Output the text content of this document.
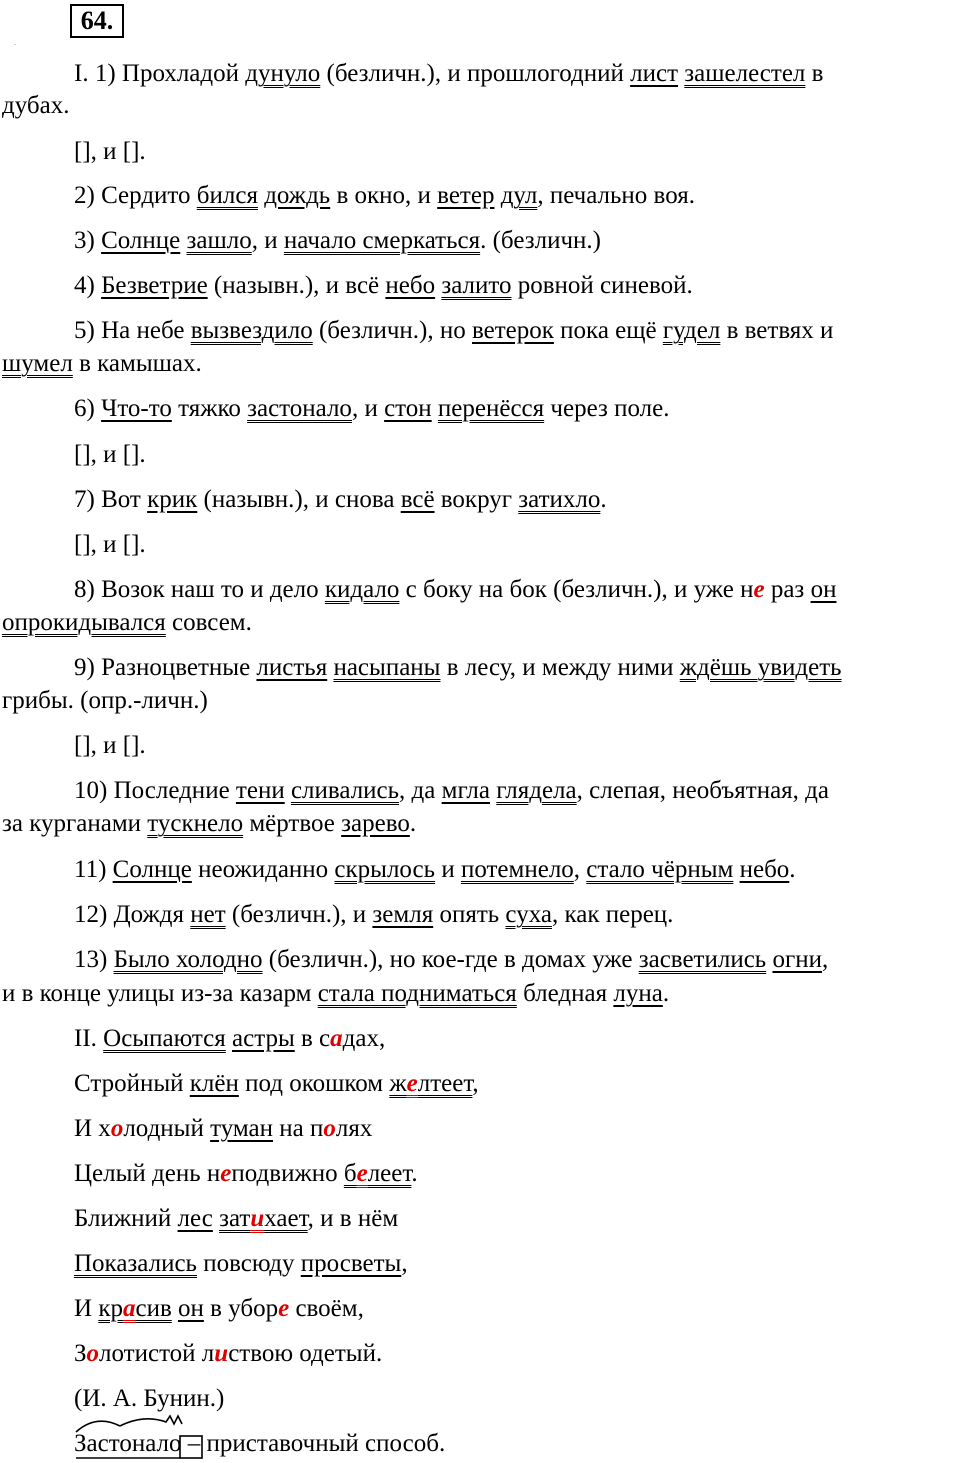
64.
.
I. 1) Прохладой дунуло (безличн.), и прошлогодний лист зашелестел в
дубах.
[], и [].
2) Сердито бился дождь в окно, и ветер дул, печально воя.
3) Солнце зашло, и начало смеркаться. (безличн.)
4) Безветрие (назывн.), и всё небо залито ровной синевой.
5) На небе вызвездило (безличн.), но ветерок пока ещё гудел в ветвях и
шумел в камышах.
6) Что-то тяжко застонало, и стон перенёсся через поле.
[], и [].
7) Вот крик (назывн.), и снова всё вокруг затихло.
[], и [].
8) Возок наш то и дело кидало с боку на бок (безличн.), и уже не раз он
опрокидывался совсем.
9) Разноцветные листья насыпаны в лесу, и между ними ждёшь увидеть
грибы. (опр.-личн.)
[], и [].
10) Последние тени сливались, да мгла глядела, слепая, необъятная, да
за курганами тускнело мёртвое зарево.
11) Солнце неожиданно скрылось и потемнело, стало чёрным небо.
12) Дождя нет (безличн.), и земля опять суха, как перец.
13) Было холодно (безличн.), но кое-где в домах уже засветились огни,
и в конце улицы из-за казарм стала подниматься бледная луна.
II. Осыпаются астры в садах,
Стройный клён под окошком желтеет,
И холодный туман на полях
Целый день неподвижно белеет.
Ближний лес затихает, и в нём
Показались повсюду просветы,
И красив он в уборе своём,
Золотистой листвою одетый.
(И. А. Бунин.)
Застонало – приставочный способ.
